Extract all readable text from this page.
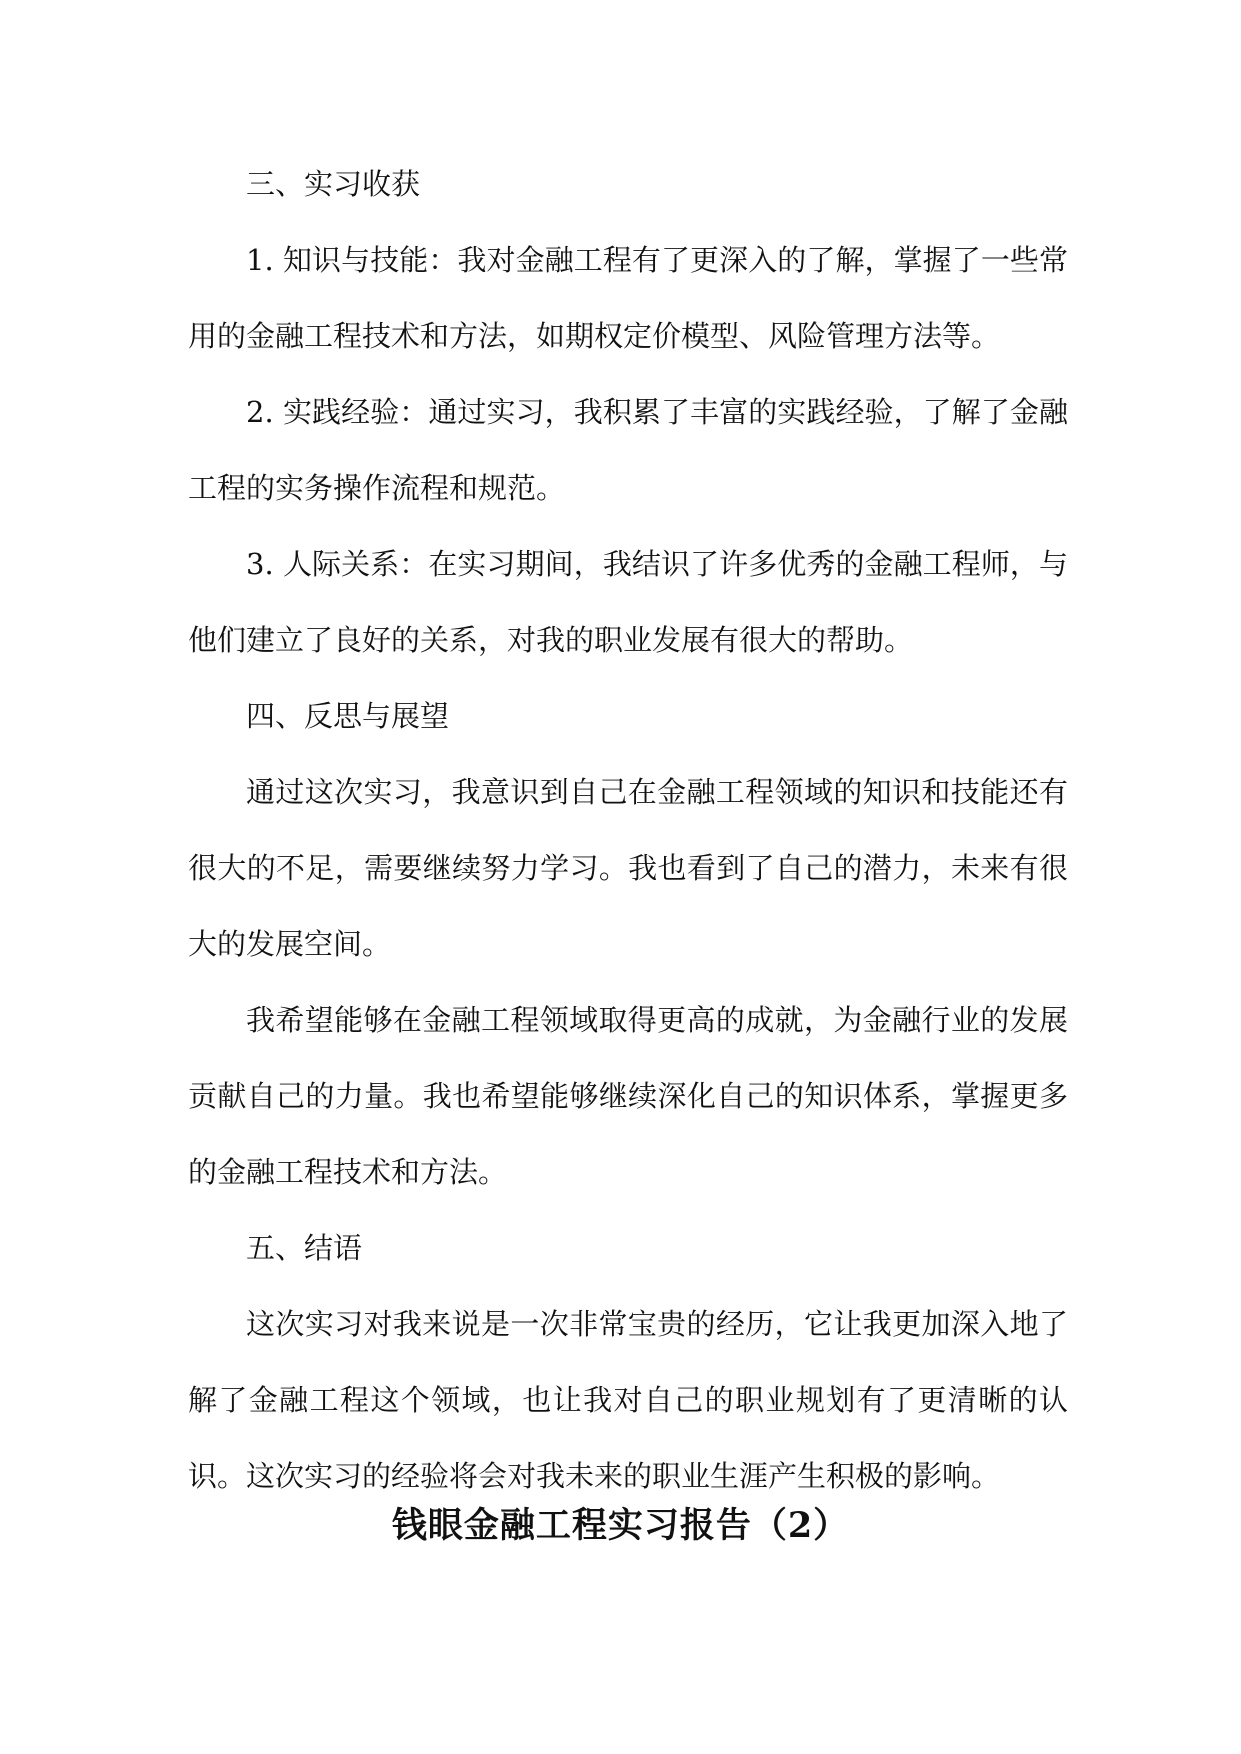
三、实习收获

1. 知识与技能：我对金融工程有了更深入的了解，掌握了一些常用的金融工程技术和方法，如期权定价模型、风险管理方法等。

2. 实践经验：通过实习，我积累了丰富的实践经验，了解了金融工程的实务操作流程和规范。

3. 人际关系：在实习期间，我结识了许多优秀的金融工程师，与他们建立了良好的关系，对我的职业发展有很大的帮助。

四、反思与展望

通过这次实习，我意识到自己在金融工程领域的知识和技能还有很大的不足，需要继续努力学习。我也看到了自己的潜力，未来有很大的发展空间。

我希望能够在金融工程领域取得更高的成就，为金融行业的发展贡献自己的力量。我也希望能够继续深化自己的知识体系，掌握更多的金融工程技术和方法。

五、结语

这次实习对我来说是一次非常宝贵的经历，它让我更加深入地了解了金融工程这个领域，也让我对自己的职业规划有了更清晰的认识。这次实习的经验将会对我未来的职业生涯产生积极的影响。

钱眼金融工程实习报告（2）
